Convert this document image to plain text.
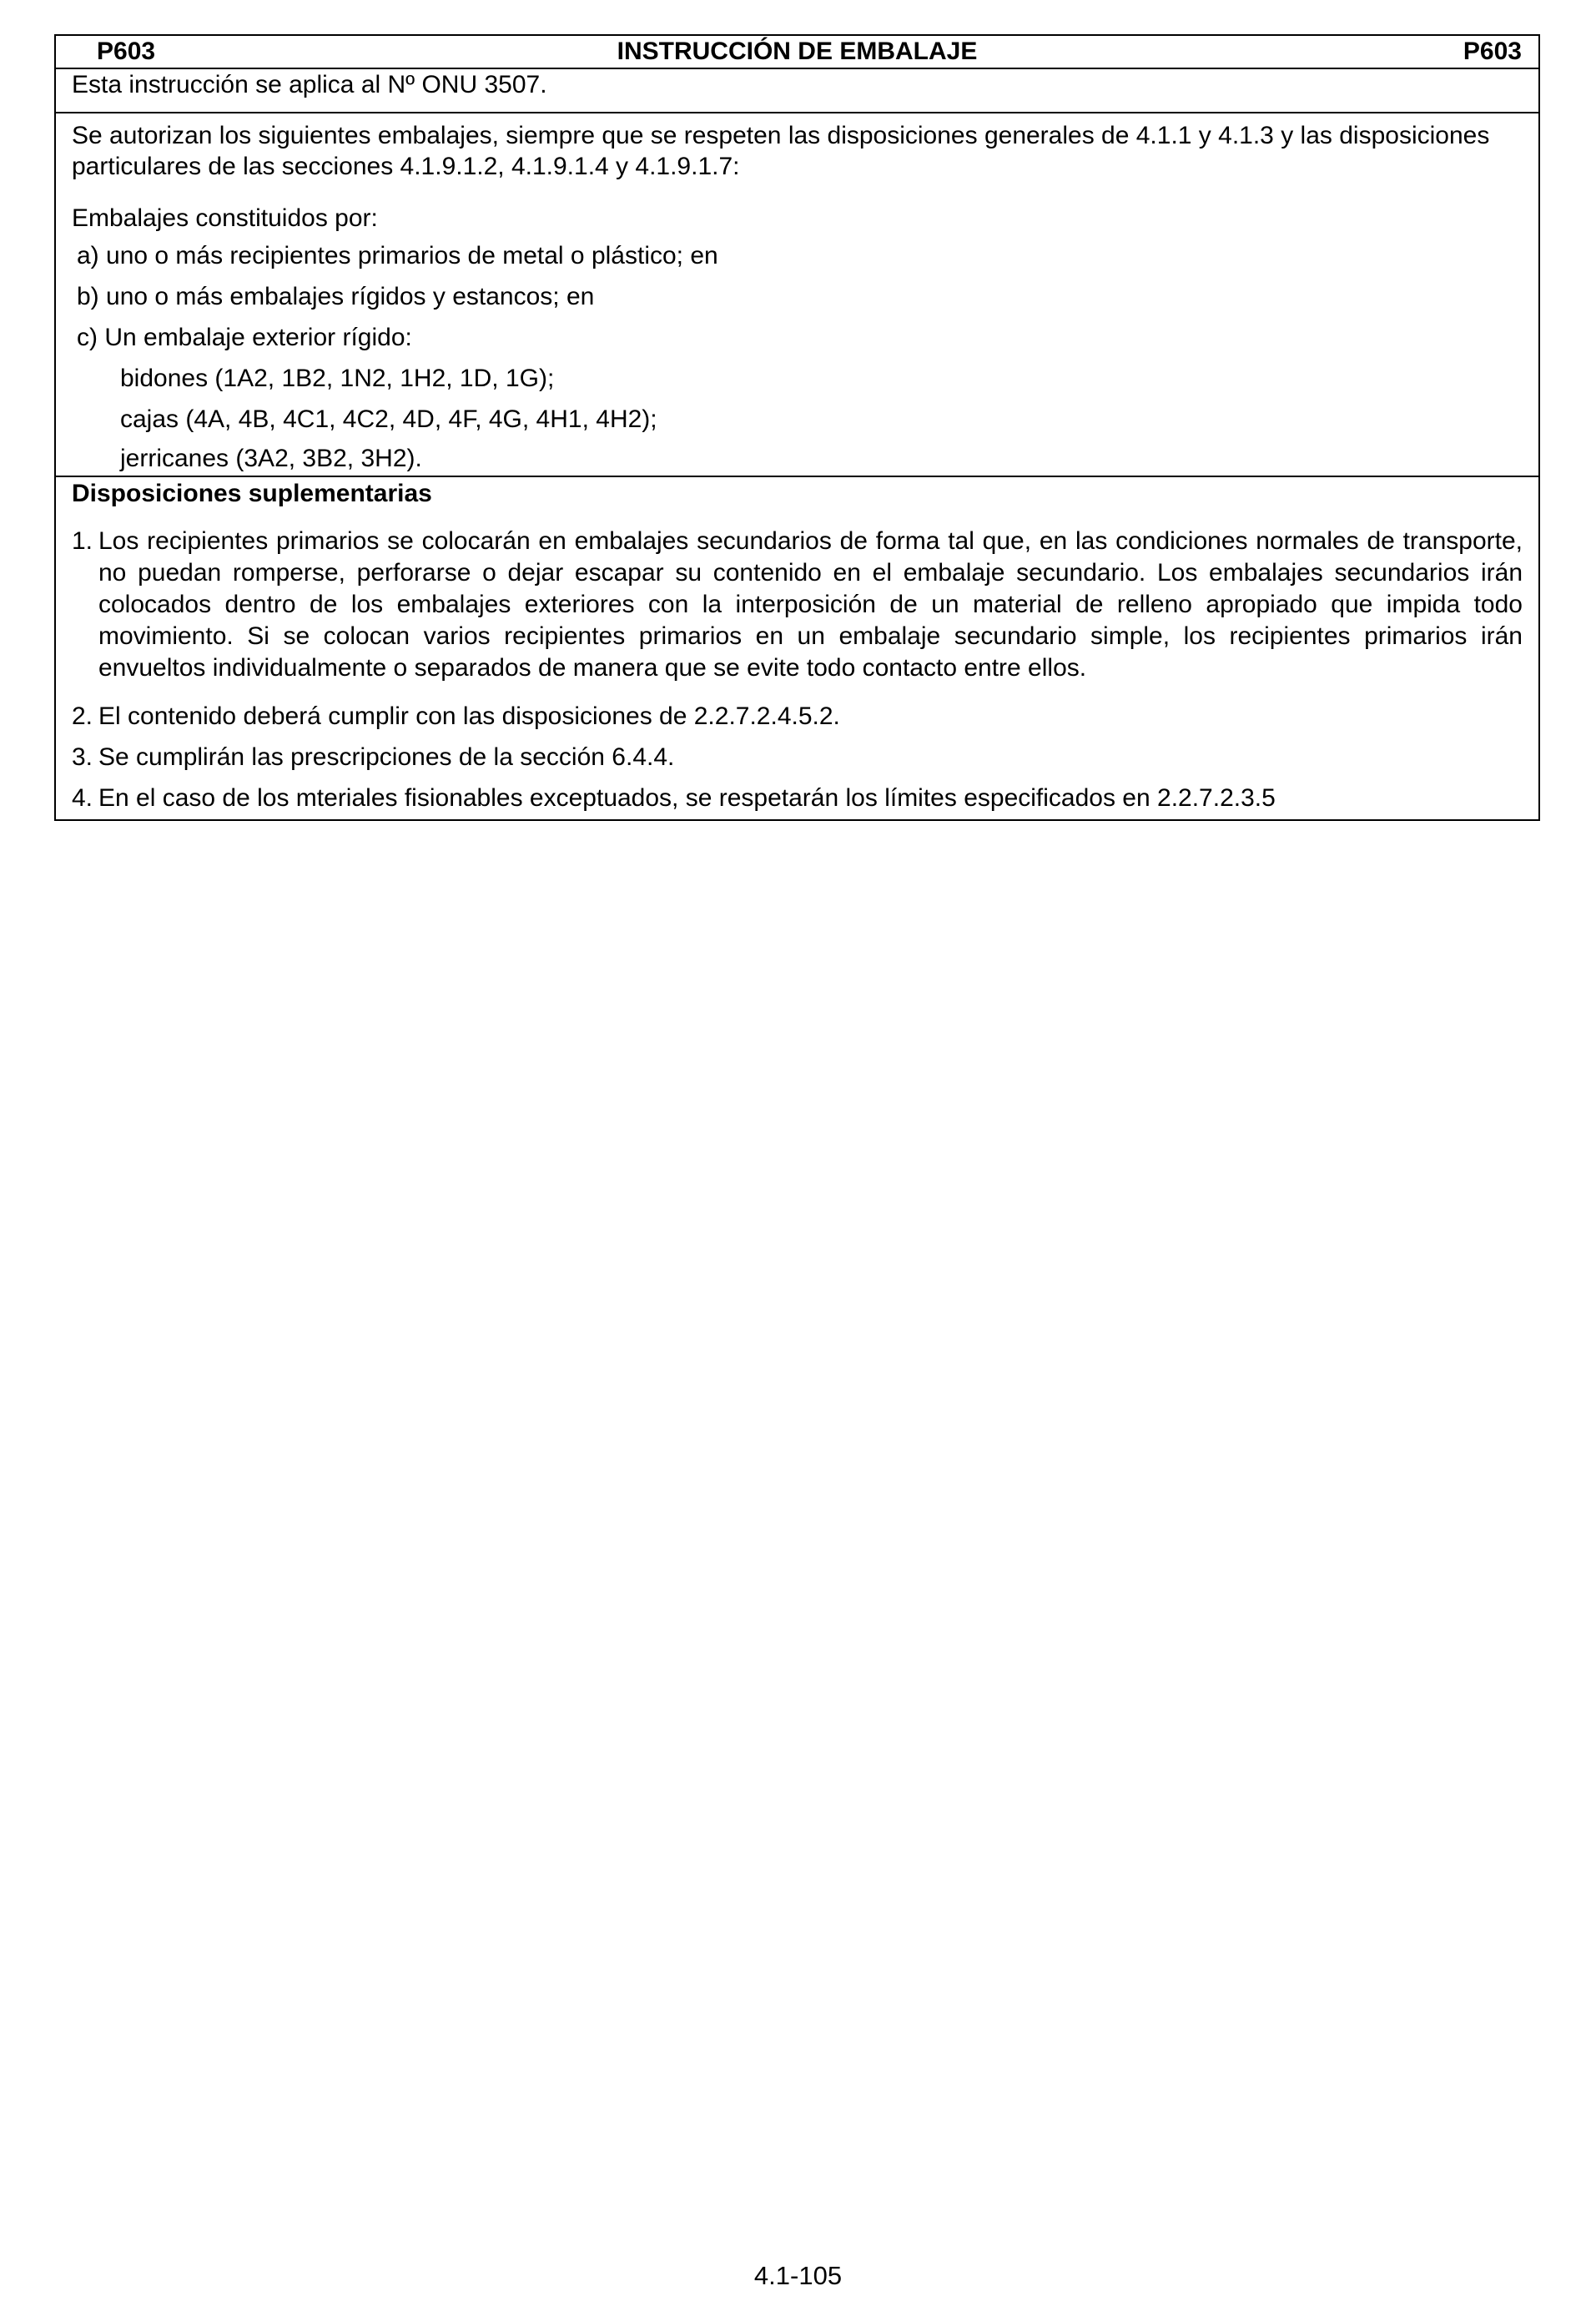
INSTRUCCIÓN DE EMBALAJE
P603	P603
Esta instrucción se aplica al Nº ONU 3507.

Se autorizan los siguientes embalajes, siempre que se respeten las disposiciones generales de 4.1.1 y 4.1.3 y las disposiciones particulares de las secciones 4.1.9.1.2, 4.1.9.1.4 y 4.1.9.1.7:

Embalajes constituidos por:

a) uno o más recipientes primarios de metal o plástico; en
b) uno o más embalajes rígidos y estancos; en
c) Un embalaje exterior rígido:
bidones (1A2, 1B2, 1N2, 1H2, 1D, 1G);
cajas (4A, 4B, 4C1, 4C2, 4D, 4F, 4G, 4H1, 4H2);
jerricanes (3A2, 3B2, 3H2).

Disposiciones suplementarias

1. Los recipientes primarios se colocarán en embalajes secundarios de forma tal que, en las condiciones normales de transporte, no puedan romperse, perforarse o dejar escapar su contenido en el embalaje secundario. Los embalajes secundarios irán colocados dentro de los embalajes exteriores con la interposición de un material de relleno apropiado que impida todo movimiento. Si se colocan varios recipientes primarios en un embalaje secundario simple, los recipientes primarios irán envueltos individualmente o separados de manera que se evite todo contacto entre ellos.
2. El contenido deberá cumplir con las disposiciones de 2.2.7.2.4.5.2.
3. Se cumplirán las prescripciones de la sección 6.4.4.
4. En el caso de los mteriales fisionables exceptuados, se respetarán los límites especificados en 2.2.7.2.3.5
4.1-105
